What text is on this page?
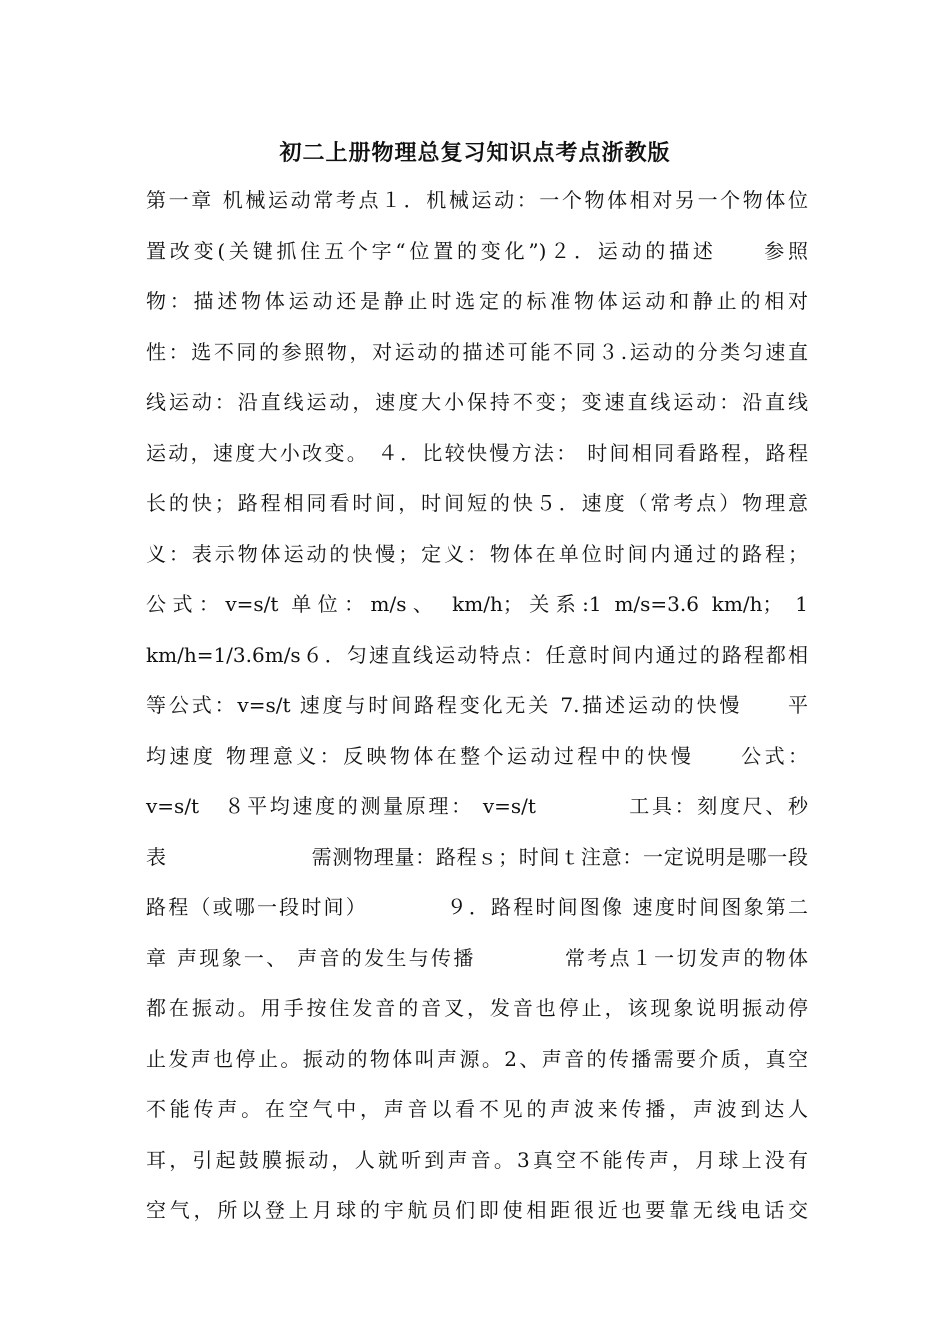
初二上册物理总复习知识点考点浙教版
第一章 机械运动常考点１．机械运动：一个物体相对另一个物体位
置改变(关键抓住五个字“位置的变化”)２．运动的描述　　参照
物：描述物体运动还是静止时选定的标准物体运动和静止的相对
性：选不同的参照物，对运动的描述可能不同３.运动的分类匀速直
线运动：沿直线运动，速度大小保持不变；变速直线运动：沿直线
运动，速度大小改变。 ４．比较快慢方法： 时间相同看路程，路程
长的快；路程相同看时间，时间短的快５．速度（常考点）物理意
义：表示物体运动的快慢；定义：物体在单位时间内通过的路程；
公式：v=s/t 单位：m/s、 km/h；关系:1 m/s=3.6 km/h； 1
km/h=1/3.6m/s６．匀速直线运动特点：任意时间内通过的路程都相
等公式：v=s/t 速度与时间路程变化无关 7.描述运动的快慢　　平
均速度 物理意义：反映物体在整个运动过程中的快慢　　公式：
v=s/t　８平均速度的测量原理： v=s/t　　　　工具：刻度尺、秒
表　　　　　　　需测物理量：路程ｓ；时间ｔ注意：一定说明是哪一段
路程（或哪一段时间）　　　　９．路程时间图像 速度时间图象第二
章 声现象一、 声音的发生与传播　　　　常考点１一切发声的物体
都在振动。用手按住发音的音叉，发音也停止，该现象说明振动停
止发声也停止。振动的物体叫声源。2、声音的传播需要介质，真空
不能传声。在空气中，声音以看不见的声波来传播，声波到达人
耳，引起鼓膜振动，人就听到声音。3真空不能传声，月球上没有
空气，所以登上月球的宇航员们即使相距很近也要靠无线电话交
